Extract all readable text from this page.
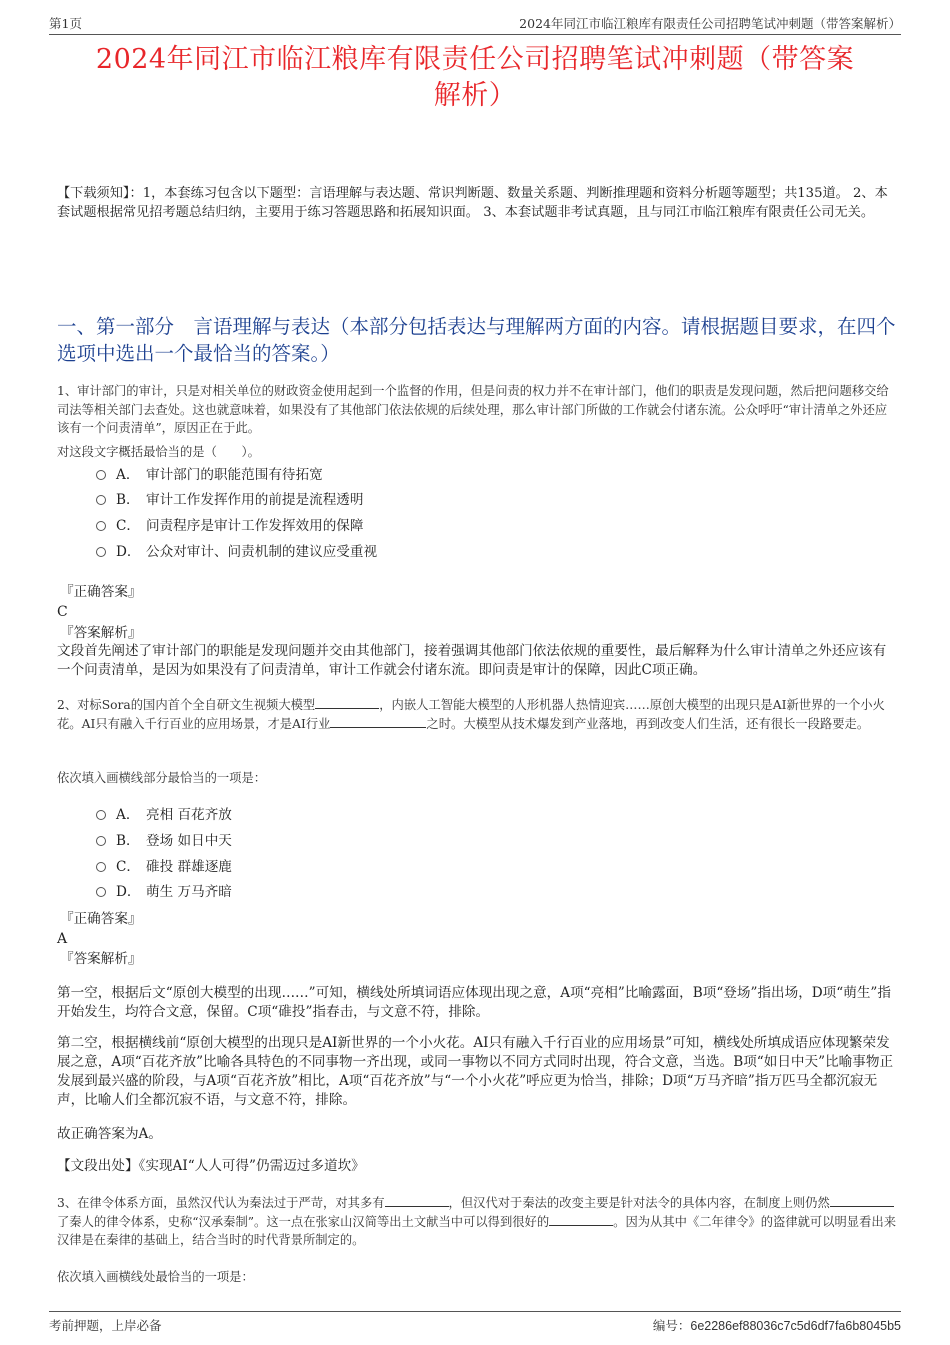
第1页	2024年同江市临江粮库有限责任公司招聘笔试冲刺题（带答案解析）
2024年同江市临江粮库有限责任公司招聘笔试冲刺题（带答案
解析）
【下载须知】：1，本套练习包含以下题型：言语理解与表达题、常识判断题、数量关系题、判断推理题和资料分析题等题型；共135道。 2、本套试题根据常见招考题总结归纳，主要用于练习答题思路和拓展知识面。 3、本套试题非考试真题，且与同江市临江粮库有限责任公司无关。
一、第一部分　言语理解与表达（本部分包括表达与理解两方面的内容。请根据题目要求，在四个选项中选出一个最恰当的答案。）
1、审计部门的审计，只是对相关单位的财政资金使用起到一个监督的作用，但是问责的权力并不在审计部门，他们的职责是发现问题，然后把问题移交给司法等相关部门去查处。这也就意味着，如果没有了其他部门依法依规的后续处理，那么审计部门所做的工作就会付诸东流。公众呼吁“审计清单之外还应该有一个问责清单”，原因正在于此。
对这段文字概括最恰当的是（　　）。
A． 审计部门的职能范围有待拓宽
B． 审计工作发挥作用的前提是流程透明
C． 问责程序是审计工作发挥效用的保障
D． 公众对审计、问责机制的建议应受重视
『正确答案』
C
『答案解析』
文段首先阐述了审计部门的职能是发现问题并交由其他部门，接着强调其他部门依法依规的重要性，最后解释为什么审计清单之外还应该有一个问责清单，是因为如果没有了问责清单，审计工作就会付诸东流。即问责是审计的保障，因此C项正确。
2、对标Sora的国内首个全自研文生视频大模型	，内嵌人工智能大模型的人形机器人热情迎宾……原创大模型的出现只是AI新世界的一个小火花。AI只有融入千行百业的应用场景，才是AI行业	之时。大模型从技术爆发到产业落地，再到改变人们生活，还有很长一段路要走。
依次填入画横线部分最恰当的一项是：
A． 亮相 百花齐放
B． 登场 如日中天
C． 碓投 群雄逐鹿
D． 萌生 万马齐暗
『正确答案』
A
『答案解析』
第一空，根据后文“原创大模型的出现……”可知，横线处所填词语应体现出现之意，A项“亮相”比喻露面，B项“登场”指出场，D项“萌生”指开始发生，均符合文意，保留。C项“碓投”指春击，与文意不符，排除。
第二空，根据横线前“原创大模型的出现只是AI新世界的一个小火花。AI只有融入千行百业的应用场景”可知，横线处所填成语应体现繁荣发展之意，A项“百花齐放”比喻各具特色的不同事物一齐出现，或同一事物以不同方式同时出现，符合文意，当选。B项“如日中天”比喻事物正发展到最兴盛的阶段，与A项“百花齐放”相比，A项“百花齐放”与“一个小火花”呼应更为恰当，排除；D项“万马齐暗”指万匹马全都沉寂无声，比喻人们全都沉寂不语，与文意不符，排除。
故正确答案为A。
【文段出处】《实现AI“人人可得”仍需迈过多道坎》
3、在律令体系方面，虽然汉代认为秦法过于严苛，对其多有	，但汉代对于秦法的改变主要是针对法令的具体内容，在制度上则仍然了秦人的律令体系，史称“汉承秦制”。这一点在张家山汉简等出土文献当中可以得到很好的	。因为从其中《二年律令》的盗律就可以明显看出来汉律是在秦律的基础上，结合当时的时代背景所制定的。
依次填入画横线处最恰当的一项是：
考前押题，上岸必备	编号：6e2286ef88036c7c5d6df7fa6b8045b5
